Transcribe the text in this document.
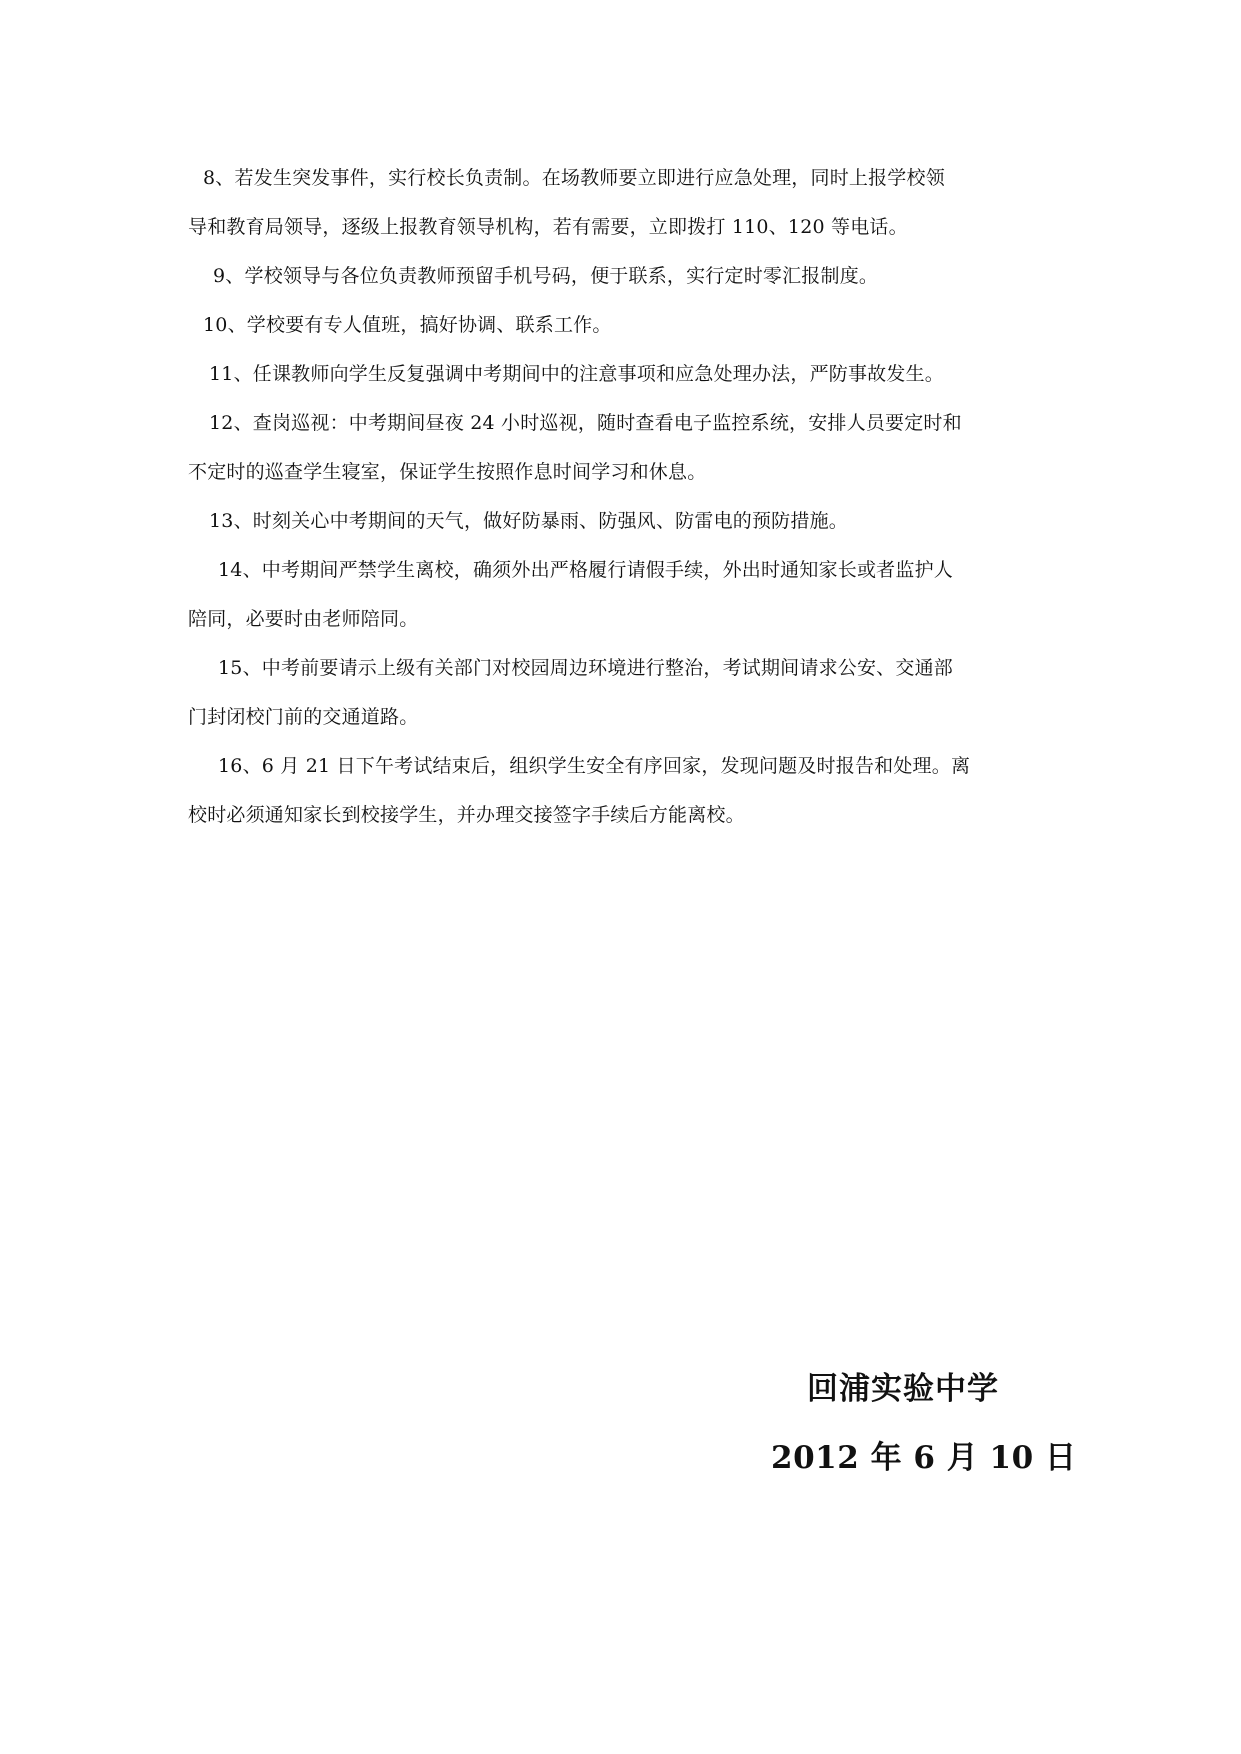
8、若发生突发事件，实行校长负责制。在场教师要立即进行应急处理，同时上报学校领
导和教育局领导，逐级上报教育领导机构，若有需要，立即拨打 110、120 等电话。
9、学校领导与各位负责教师预留手机号码，便于联系，实行定时零汇报制度。
10、学校要有专人值班，搞好协调、联系工作。
11、任课教师向学生反复强调中考期间中的注意事项和应急处理办法，严防事故发生。
12、查岗巡视：中考期间昼夜 24 小时巡视，随时查看电子监控系统，安排人员要定时和
不定时的巡查学生寝室，保证学生按照作息时间学习和休息。
13、时刻关心中考期间的天气，做好防暴雨、防强风、防雷电的预防措施。
14、中考期间严禁学生离校，确须外出严格履行请假手续，外出时通知家长或者监护人
陪同，必要时由老师陪同。
15、中考前要请示上级有关部门对校园周边环境进行整治，考试期间请求公安、交通部
门封闭校门前的交通道路。
16、6 月 21 日下午考试结束后，组织学生安全有序回家，发现问题及时报告和处理。离
校时必须通知家长到校接学生，并办理交接签字手续后方能离校。
回浦实验中学
2012 年 6 月 10 日
